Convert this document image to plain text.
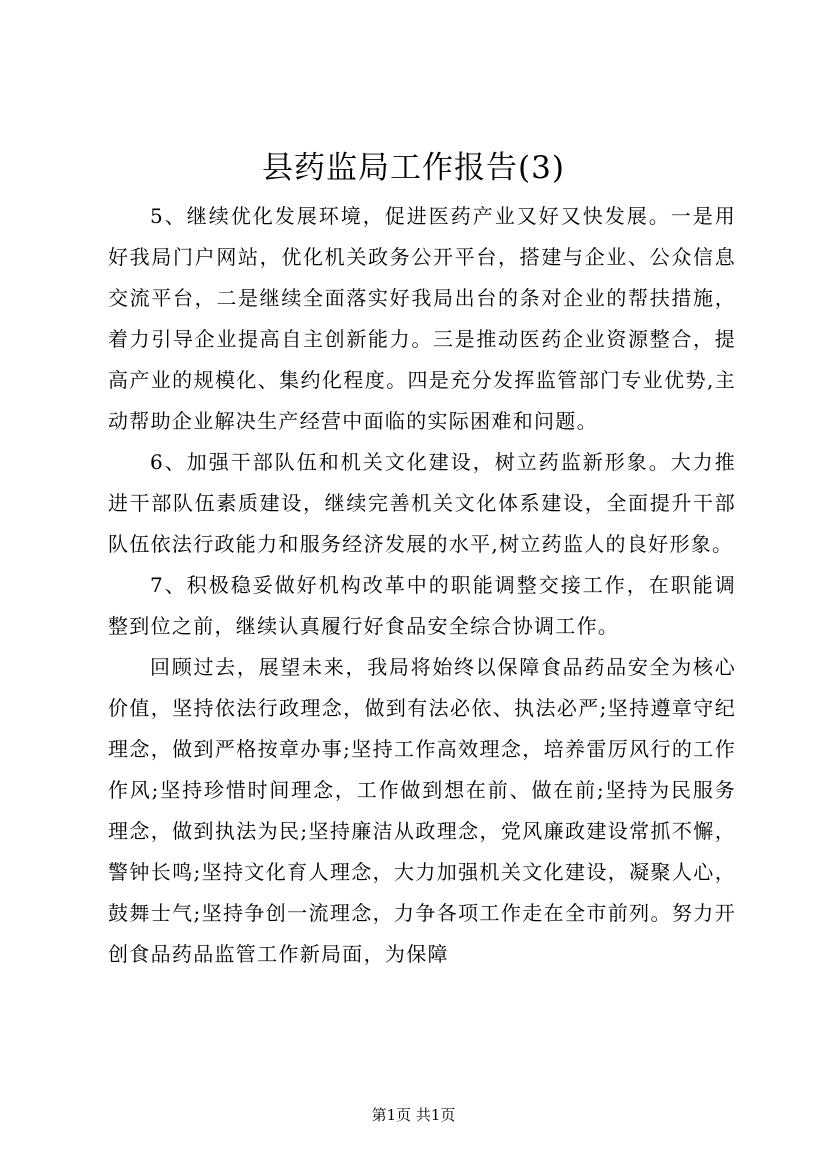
县药监局工作报告(3)

5、继续优化发展环境，促进医药产业又好又快发展。一是用好我局门户网站，优化机关政务公开平台，搭建与企业、公众信息交流平台，二是继续全面落实好我局出台的条对企业的帮扶措施，着力引导企业提高自主创新能力。三是推动医药企业资源整合，提高产业的规模化、集约化程度。四是充分发挥监管部门专业优势,主动帮助企业解决生产经营中面临的实际困难和问题。

6、加强干部队伍和机关文化建设，树立药监新形象。大力推进干部队伍素质建设，继续完善机关文化体系建设，全面提升干部队伍依法行政能力和服务经济发展的水平,树立药监人的良好形象。

7、积极稳妥做好机构改革中的职能调整交接工作，在职能调整到位之前，继续认真履行好食品安全综合协调工作。

回顾过去，展望未来，我局将始终以保障食品药品安全为核心价值，坚持依法行政理念，做到有法必依、执法必严;坚持遵章守纪理念，做到严格按章办事;坚持工作高效理念，培养雷厉风行的工作作风;坚持珍惜时间理念，工作做到想在前、做在前;坚持为民服务理念，做到执法为民;坚持廉洁从政理念，党风廉政建设常抓不懈，警钟长鸣;坚持文化育人理念，大力加强机关文化建设，凝聚人心，鼓舞士气;坚持争创一流理念，力争各项工作走在全市前列。努力开创食品药品监管工作新局面，为保障

第1页 共1页
